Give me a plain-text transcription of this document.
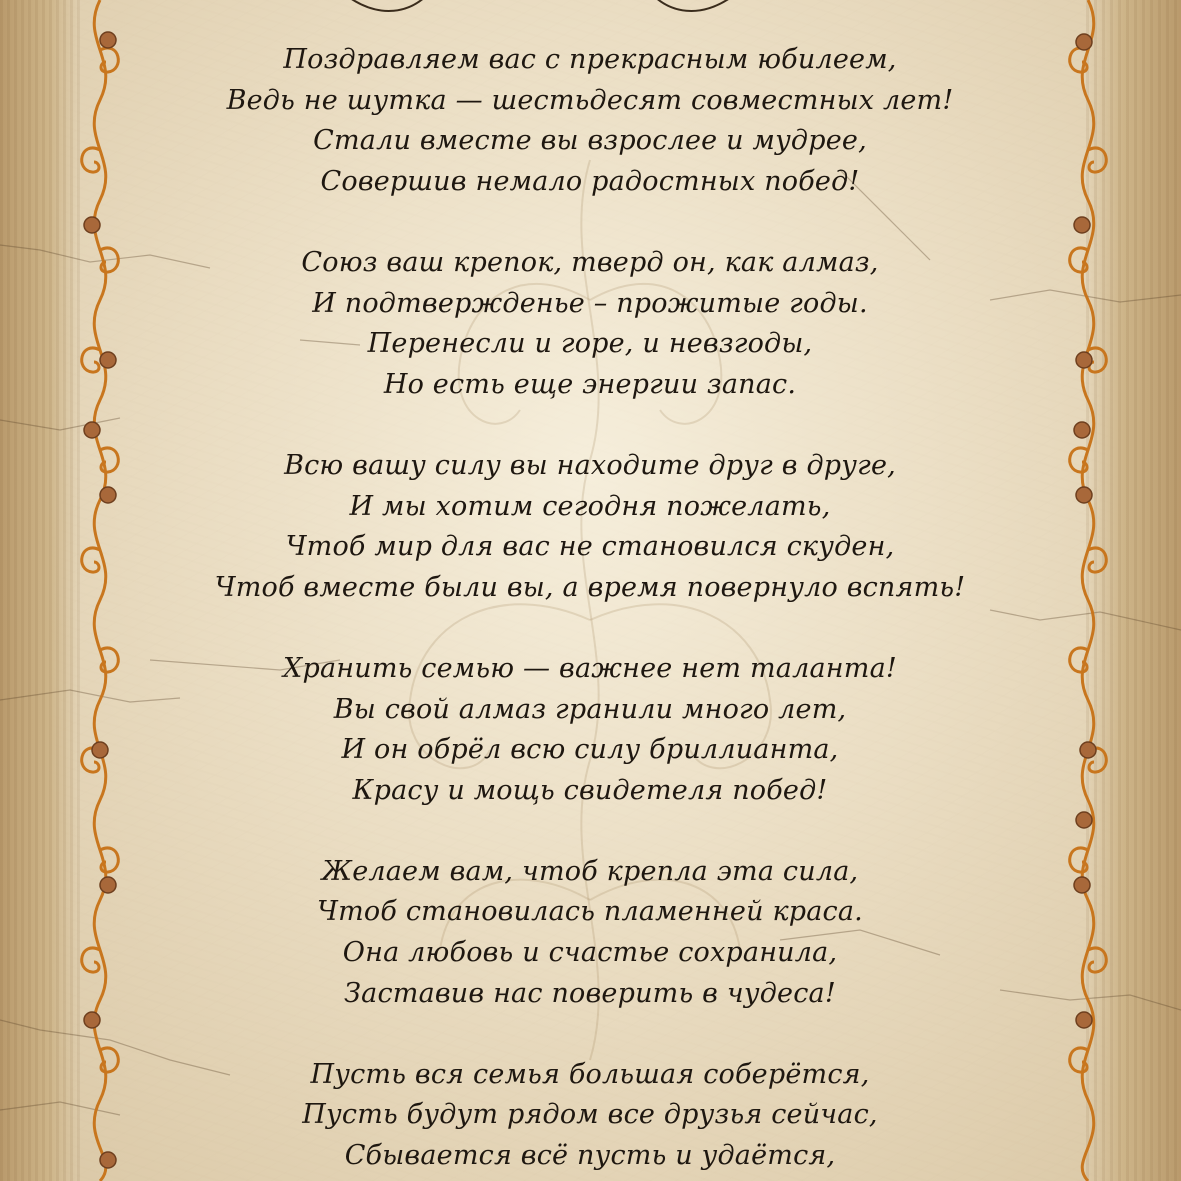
Поздравляем вас с прекрасным юбилеем,
Ведь не шутка — шестьдесят совместных лет!
Стали вместе вы взрослее и мудрее,
Совершив немало радостных побед!
Союз ваш крепок, тверд он, как алмаз,
И подтвержденье – прожитые годы.
Перенесли и горе, и невзгоды,
Но есть еще энергии запас.
Всю вашу силу вы находите друг в друге,
И мы хотим сегодня пожелать,
Чтоб мир для вас не становился скуден,
Чтоб вместе были вы, а время повернуло вспять!
Хранить семью — важнее нет таланта!
Вы свой алмаз гранили много лет,
И он обрёл всю силу бриллианта,
Красу и мощь свидетеля побед!
Желаем вам, чтоб крепла эта сила,
Чтоб становилась пламенней краса.
Она любовь и счастье сохранила,
Заставив нас поверить в чудеса!
Пусть вся семья большая соберётся,
Пусть будут рядом все друзья сейчас,
Сбывается всё пусть и удаётся,
